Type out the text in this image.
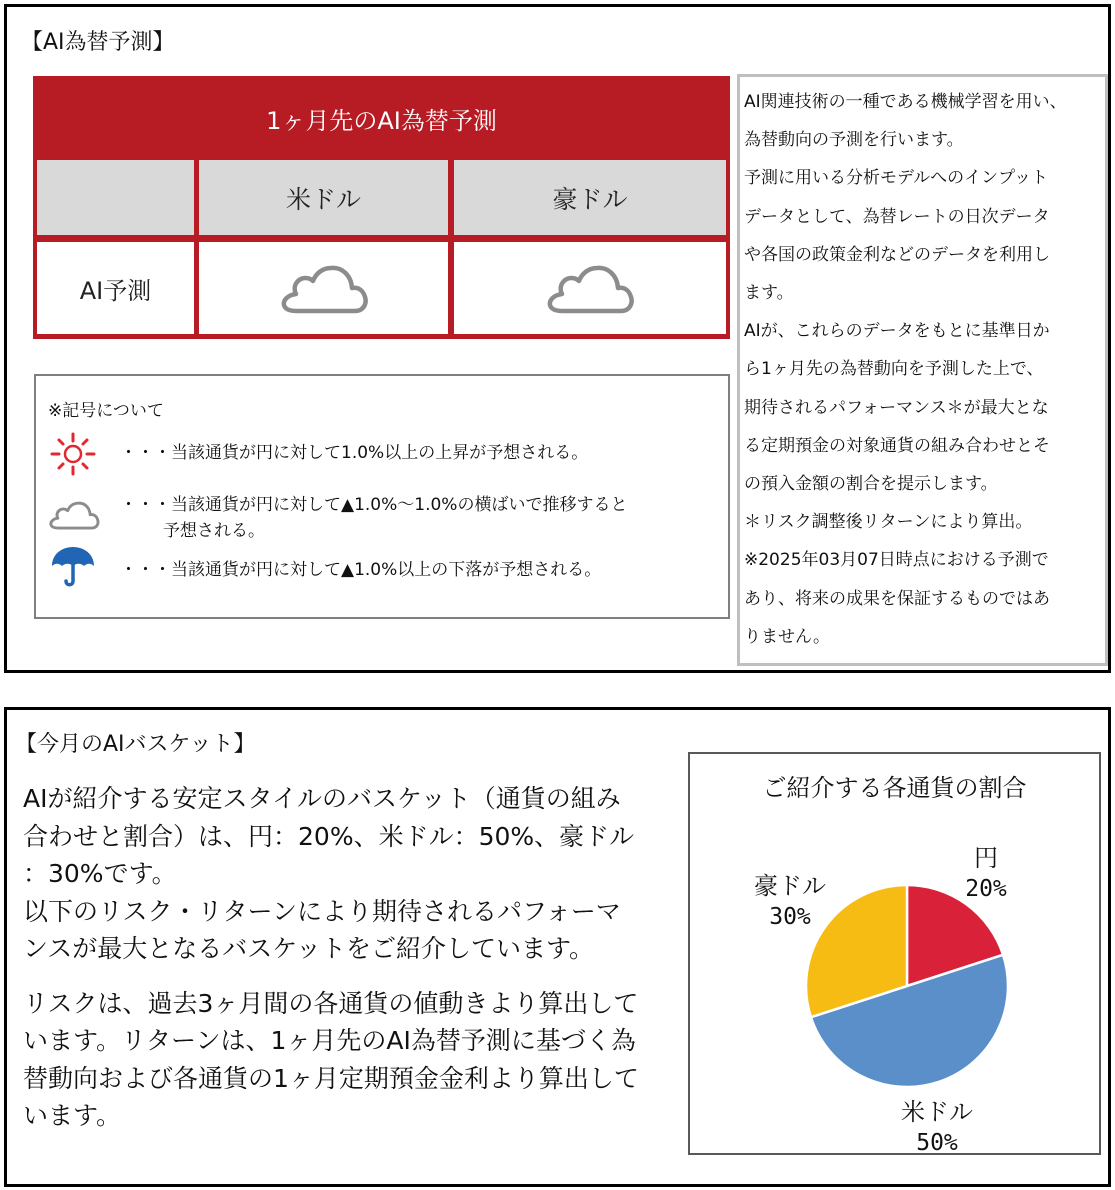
【AI為替予測】
1ヶ月先のAI為替予測
米ドル	豪ドル
AI予測
※記号について
・・・当該通貨が円に対して1.0%以上の上昇が予想される。
・・・当該通貨が円に対して▲1.0%～1.0%の横ばいで推移すると
予想される。
・・・当該通貨が円に対して▲1.0%以上の下落が予想される。

AI関連技術の一種である機械学習を用い、

為替動向の予測を行います。

予測に用いる分析モデルへのインプット

データとして、為替レートの日次データ

や各国の政策金利などのデータを利用し

ます。

AIが、これらのデータをもとに基準日か

ら1ヶ月先の為替動向を予測した上で、

期待されるパフォーマンス＊が最大とな

る定期預金の対象通貨の組み合わせとそ

の預入金額の割合を提示します。

＊リスク調整後リターンにより算出。

※2025年03月07日時点における予測で

あり、将来の成果を保証するものではあ

りません。

【今月のAIバスケット】

AIが紹介する安定スタイルのバスケット（通貨の組み

合わせと割合）は、円：20%、米ドル：50%、豪ドル

：30%です。

以下のリスク・リターンにより期待されるパフォーマ

ンスが最大となるバスケットをご紹介しています。

リスクは、過去3ヶ月間の各通貨の値動きより算出して

います。リターンは、1ヶ月先のAI為替予測に基づく為

替動向および各通貨の1ヶ月定期預金金利より算出して

います。

ご紹介する各通貨の割合
円
20%
米ドル
50%
豪ドル
30%
